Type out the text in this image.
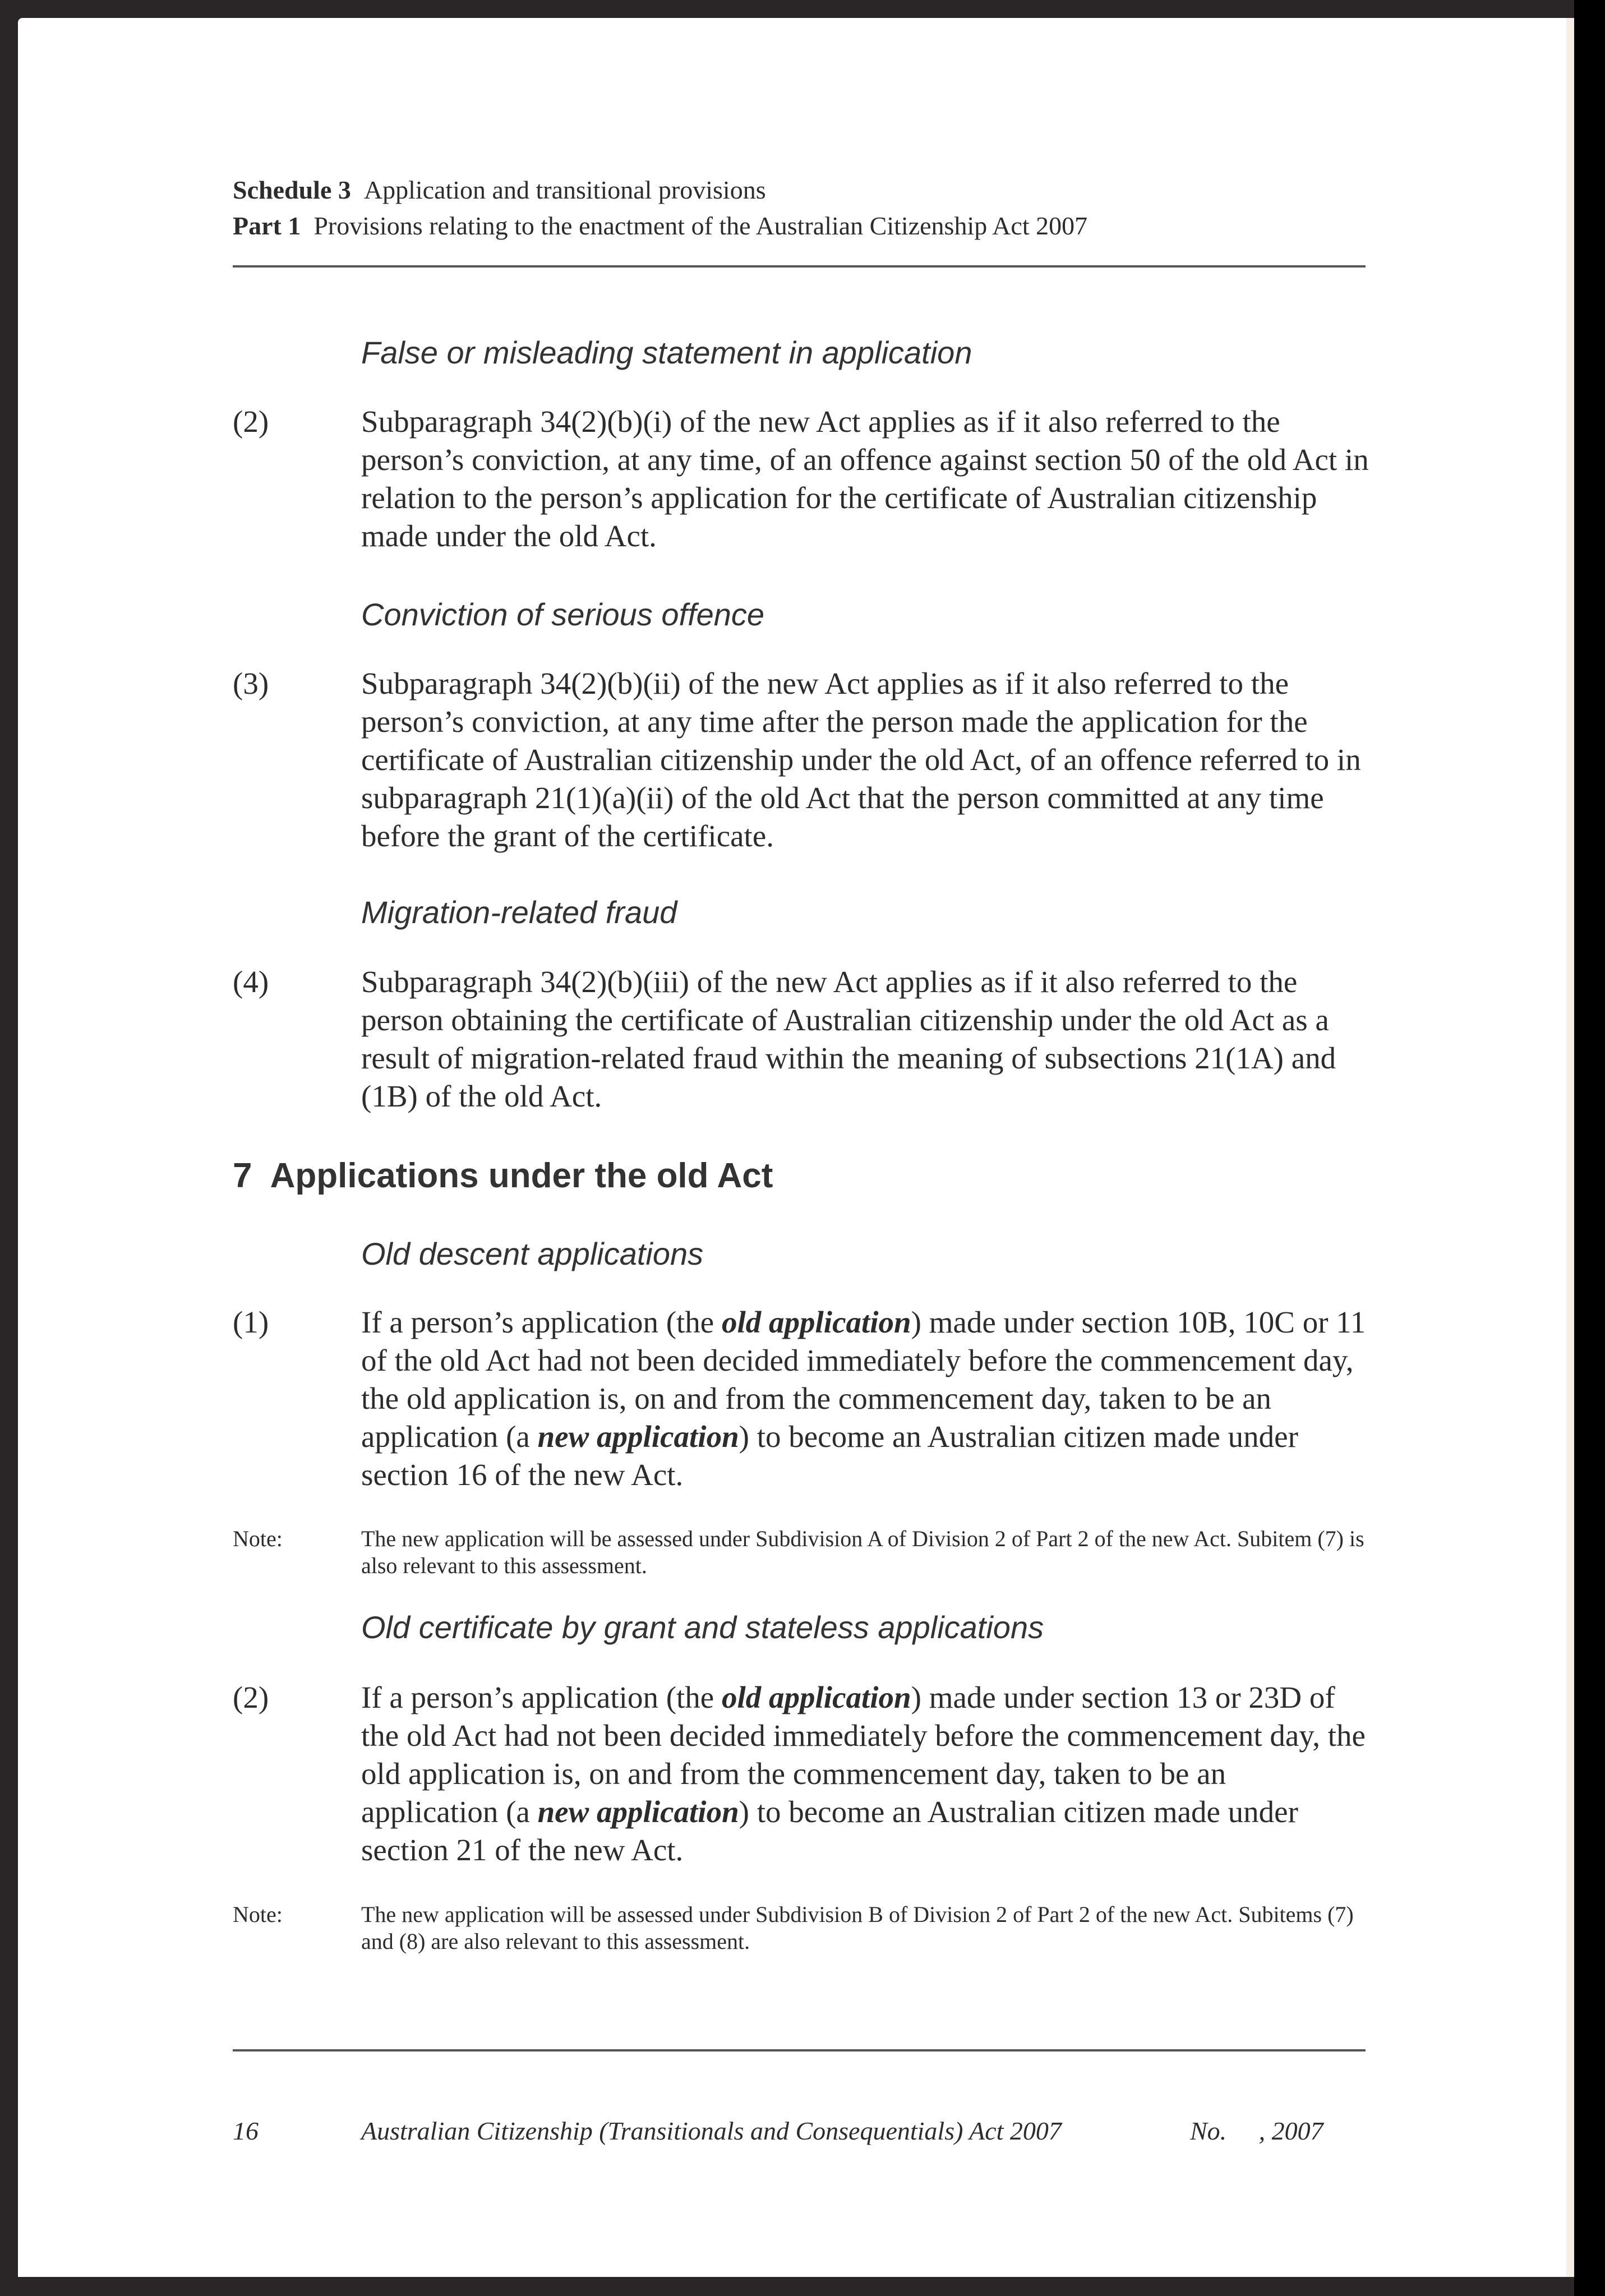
Schedule 3 Application and transitional provisions
Part 1 Provisions relating to the enactment of the Australian Citizenship Act 2007
False or misleading statement in application
(2)	Subparagraph 34(2)(b)(i) of the new Act applies as if it also referred to the person’s conviction, at any time, of an offence against section 50 of the old Act in relation to the person’s application for the certificate of Australian citizenship made under the old Act.
Conviction of serious offence
(3)	Subparagraph 34(2)(b)(ii) of the new Act applies as if it also referred to the person’s conviction, at any time after the person made the application for the certificate of Australian citizenship under the old Act, of an offence referred to in subparagraph 21(1)(a)(ii) of the old Act that the person committed at any time before the grant of the certificate.
Migration-related fraud
(4)	Subparagraph 34(2)(b)(iii) of the new Act applies as if it also referred to the person obtaining the certificate of Australian citizenship under the old Act as a result of migration-related fraud within the meaning of subsections 21(1A) and (1B) of the old Act.
7  Applications under the old Act
Old descent applications
(1)	If a person’s application (the old application) made under section 10B, 10C or 11 of the old Act had not been decided immediately before the commencement day, the old application is, on and from the commencement day, taken to be an application (a new application) to become an Australian citizen made under section 16 of the new Act.
Note:	The new application will be assessed under Subdivision A of Division 2 of Part 2 of the new Act. Subitem (7) is also relevant to this assessment.
Old certificate by grant and stateless applications
(2)	If a person’s application (the old application) made under section 13 or 23D of the old Act had not been decided immediately before the commencement day, the old application is, on and from the commencement day, taken to be an application (a new application) to become an Australian citizen made under section 21 of the new Act.
Note:	The new application will be assessed under Subdivision B of Division 2 of Part 2 of the new Act. Subitems (7) and (8) are also relevant to this assessment.
16	Australian Citizenship (Transitionals and Consequentials) Act 2007	No.     , 2007
